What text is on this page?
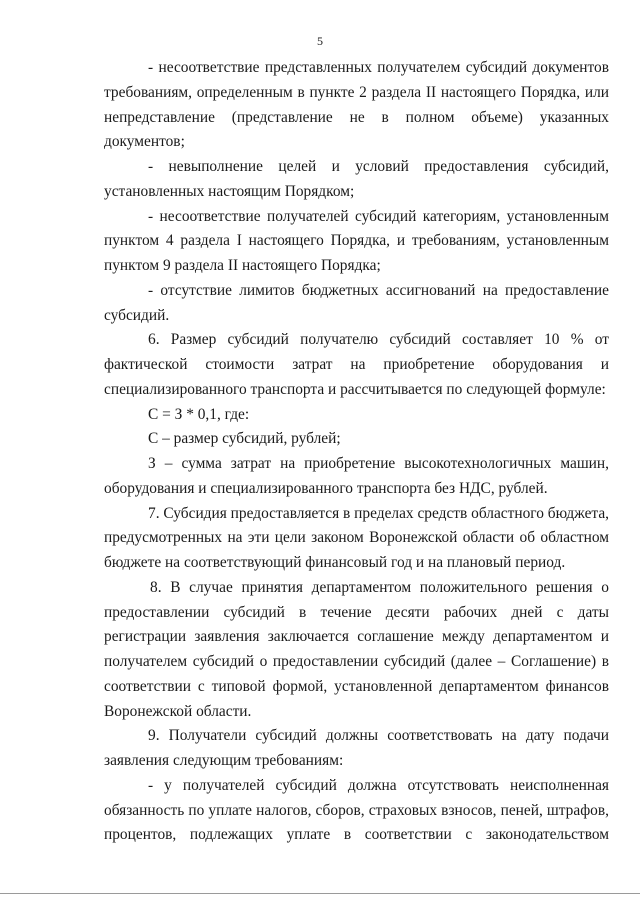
5

- несоответствие представленных получателем субсидий документов требованиям, определенным в пункте 2 раздела II настоящего Порядка, или непредставление (представление не в полном объеме) указанных документов;

- невыполнение целей и условий предоставления субсидий, установленных настоящим Порядком;

- несоответствие получателей субсидий категориям, установленным пунктом 4 раздела I настоящего Порядка, и требованиям, установленным пунктом 9 раздела II настоящего Порядка;

- отсутствие лимитов бюджетных ассигнований на предоставление субсидий.

6. Размер субсидий получателю субсидий составляет 10 % от фактической стоимости затрат на приобретение оборудования и специализированного транспорта и рассчитывается по следующей формуле:

С = З * 0,1, где:

С – размер субсидий, рублей;

З – сумма затрат на приобретение высокотехнологичных машин, оборудования и специализированного транспорта без НДС, рублей.

7. Субсидия предоставляется в пределах средств областного бюджета, предусмотренных на эти цели законом Воронежской области об областном бюджете на соответствующий финансовый год и на плановый период.

8. В случае принятия департаментом положительного решения о предоставлении субсидий в течение десяти рабочих дней с даты регистрации заявления заключается соглашение между департаментом и получателем субсидий о предоставлении субсидий (далее – Соглашение) в соответствии с типовой формой, установленной департаментом финансов Воронежской области.

9. Получатели субсидий должны соответствовать на дату подачи заявления следующим требованиям:

- у получателей субсидий должна отсутствовать неисполненная обязанность по уплате налогов, сборов, страховых взносов, пеней, штрафов, процентов, подлежащих уплате в соответствии с законодательством
